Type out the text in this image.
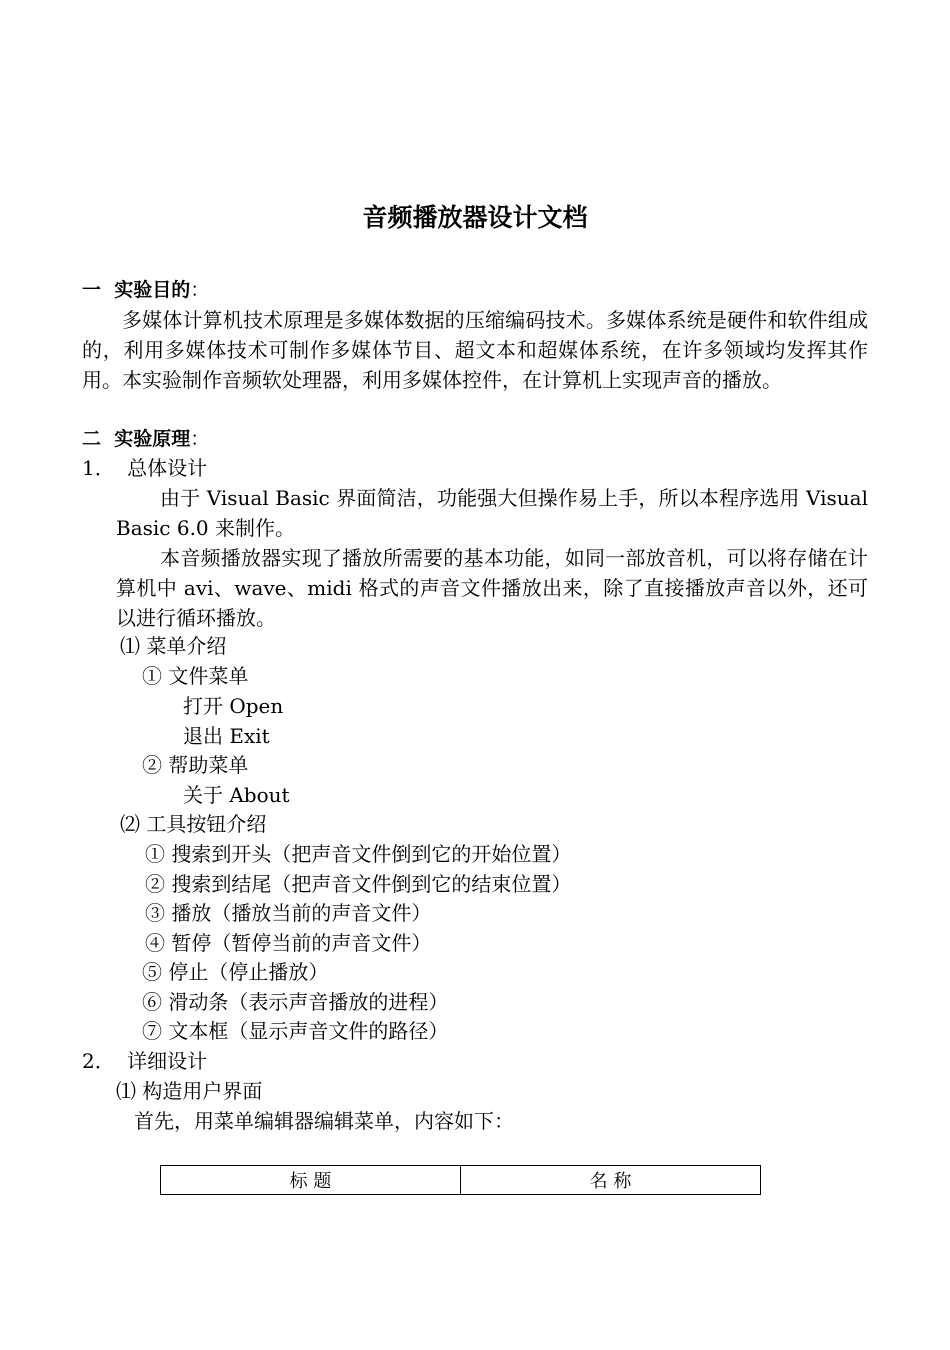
音频播放器设计文档
一 实验目的：
多媒体计算机技术原理是多媒体数据的压缩编码技术。多媒体系统是硬件和软件组成的，利用多媒体技术可制作多媒体节目、超文本和超媒体系统，在许多领域均发挥其作用。本实验制作音频软处理器，利用多媒体控件，在计算机上实现声音的播放。
二 实验原理：
1． 总体设计
由于 Visual Basic 界面简洁，功能强大但操作易上手，所以本程序选用 Visual Basic 6.0 来制作。
本音频播放器实现了播放所需要的基本功能，如同一部放音机，可以将存储在计算机中 avi、wave、midi 格式的声音文件播放出来，除了直接播放声音以外，还可以进行循环播放。
⑴ 菜单介绍
① 文件菜单
打开 Open
退出 Exit
② 帮助菜单
关于 About
⑵ 工具按钮介绍
① 搜索到开头（把声音文件倒到它的开始位置）
② 搜索到结尾（把声音文件倒到它的结束位置）
③ 播放（播放当前的声音文件）
④ 暂停（暂停当前的声音文件）
⑤ 停止（停止播放）
⑥ 滑动条（表示声音播放的进程）
⑦ 文本框（显示声音文件的路径）
2． 详细设计
⑴ 构造用户界面
首先，用菜单编辑器编辑菜单，内容如下：
标 题	名 称
